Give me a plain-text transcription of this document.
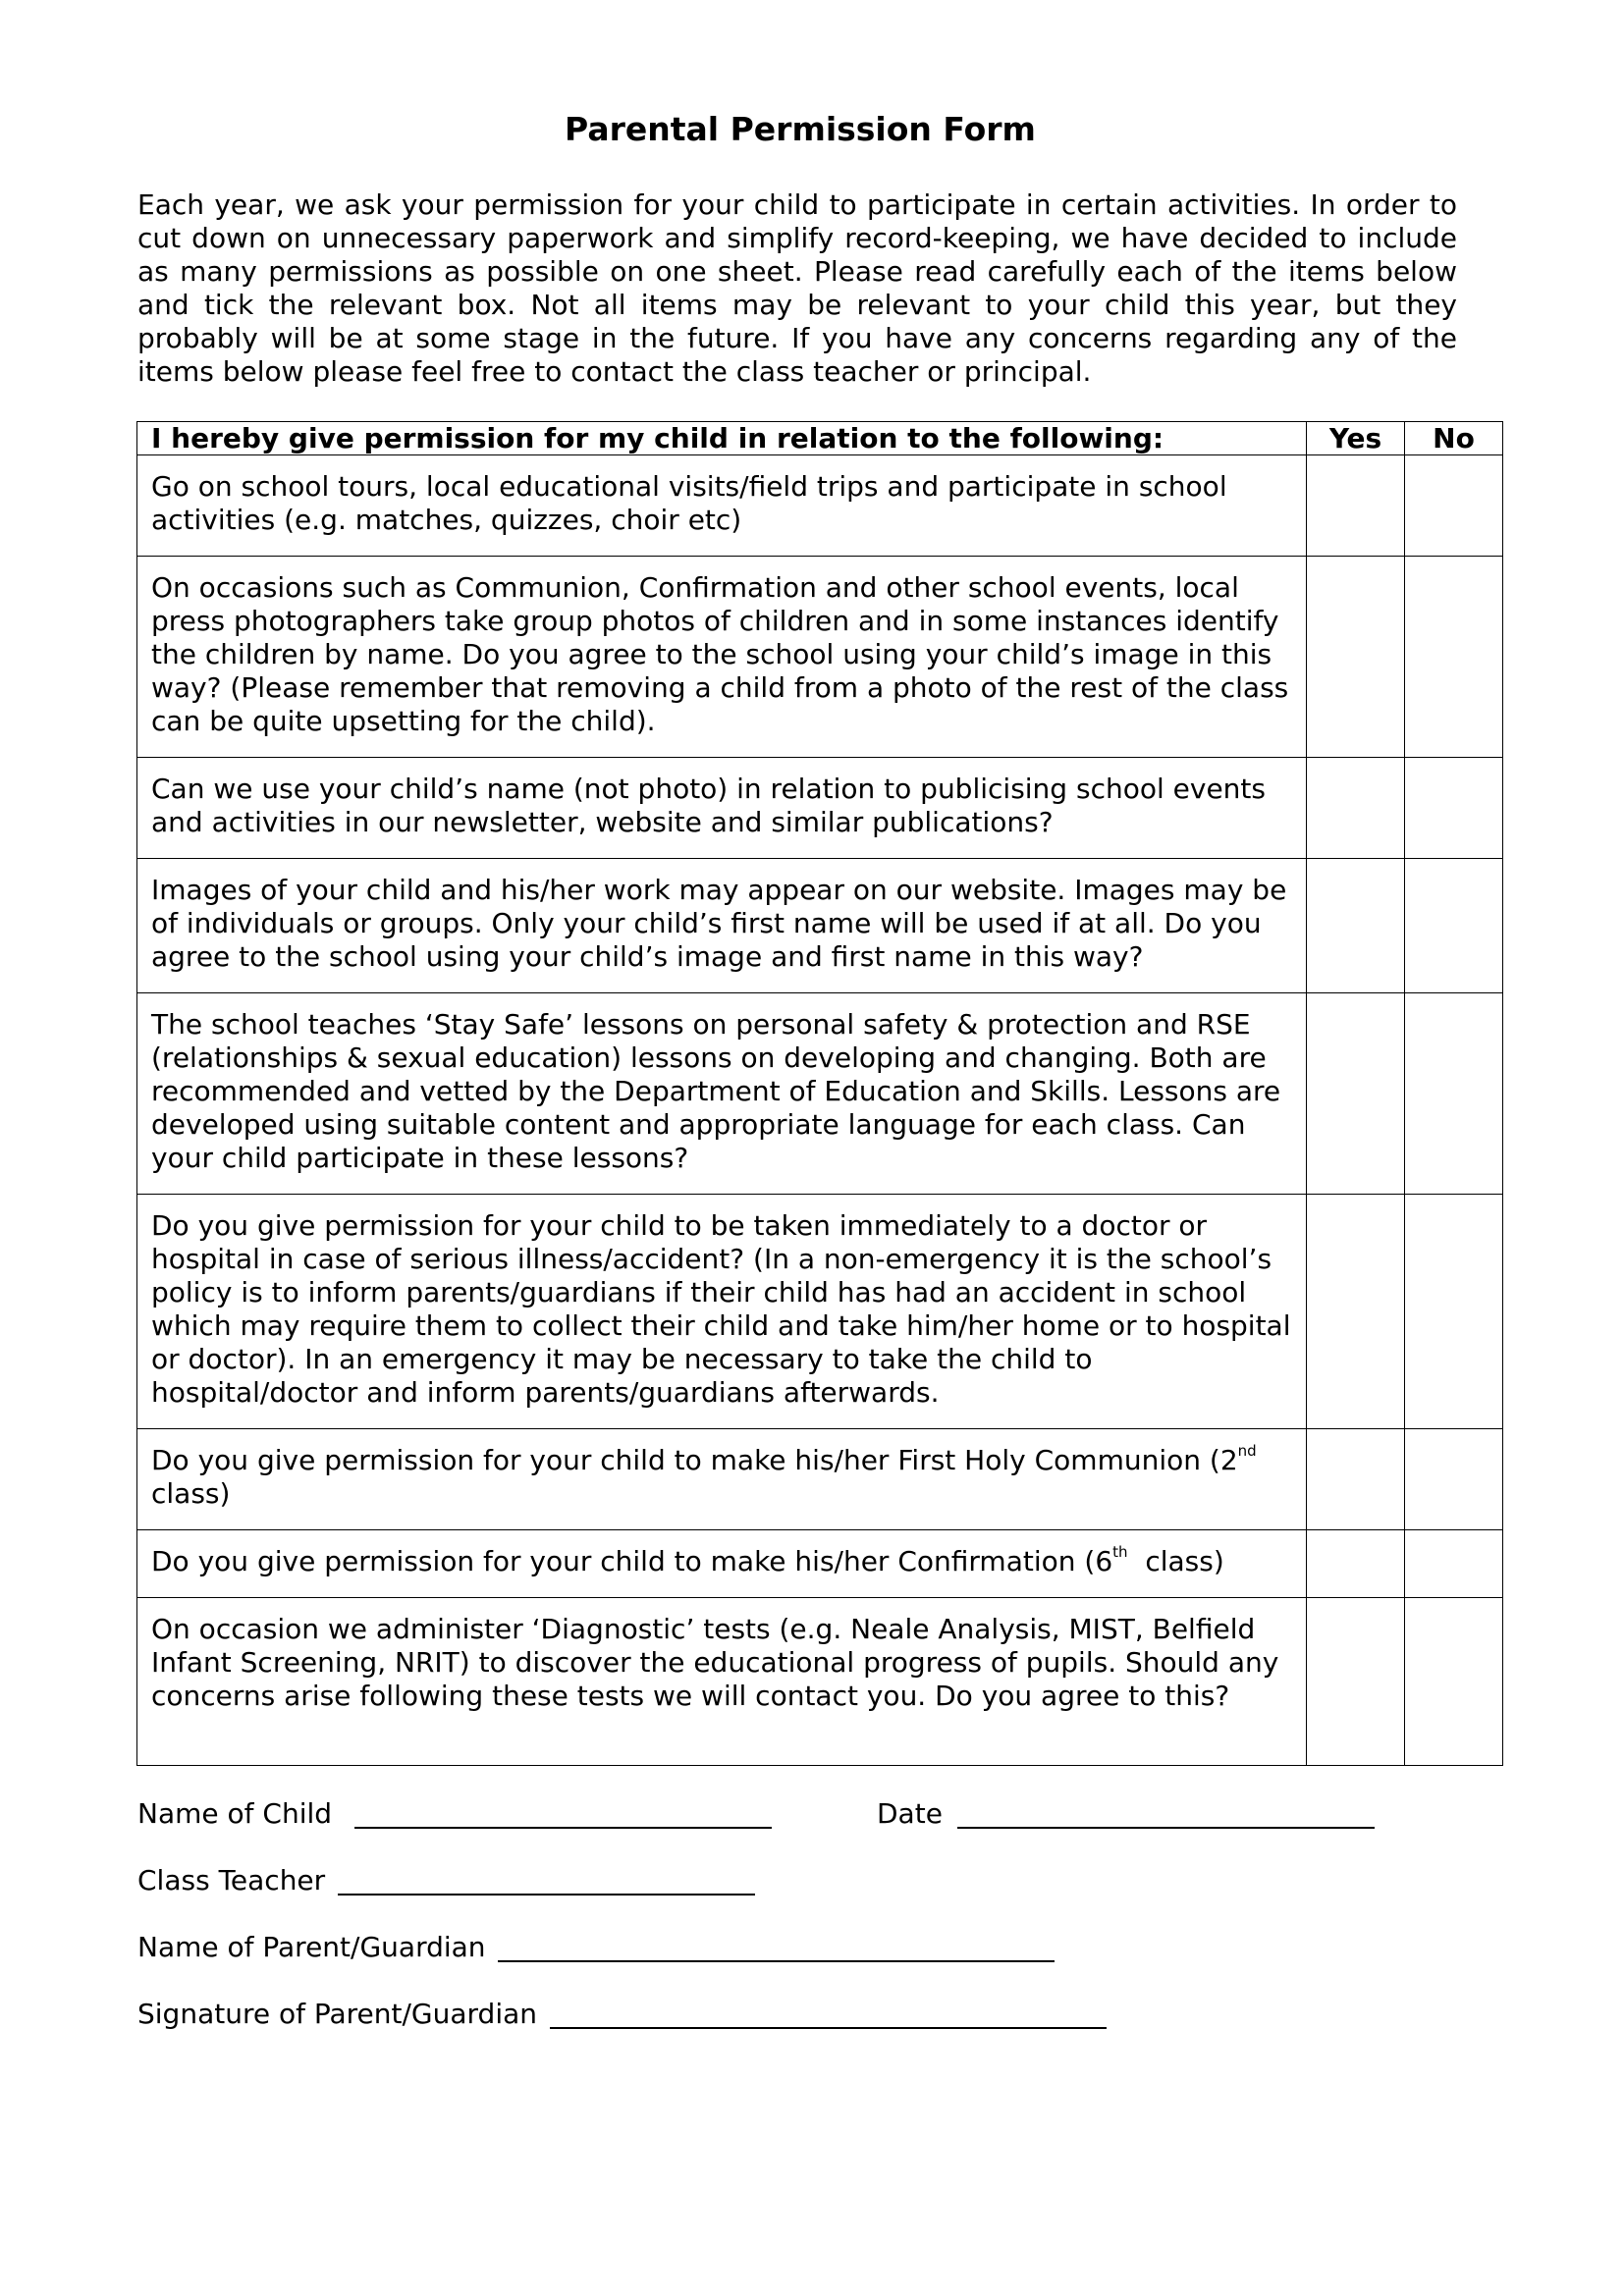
Parental Permission Form

Each year, we ask your permission for your child to participate in certain activities. In order to cut down on unnecessary paperwork and simplify record-keeping, we have decided to include as many permissions as possible on one sheet. Please read carefully each of the items below and tick the relevant box. Not all items may be relevant to your child this year, but they probably will be at some stage in the future. If you have any concerns regarding any of the items below please feel free to contact the class teacher or principal.

I hereby give permission for my child in relation to the following:	Yes	No
Go on school tours, local educational visits/field trips and participate in school activities (e.g. matches, quizzes, choir etc)		
On occasions such as Communion, Confirmation and other school events, local press photographers take group photos of children and in some instances identify the children by name. Do you agree to the school using your child’s image in this way? (Please remember that removing a child from a photo of the rest of the class can be quite upsetting for the child).		
Can we use your child’s name (not photo) in relation to publicising school events and activities in our newsletter, website and similar publications?		
Images of your child and his/her work may appear on our website. Images may be of individuals or groups. Only your child’s first name will be used if at all. Do you agree to the school using your child’s image and first name in this way?		
The school teaches ‘Stay Safe’ lessons on personal safety & protection and RSE (relationships & sexual education) lessons on developing and changing. Both are recommended and vetted by the Department of Education and Skills. Lessons are developed using suitable content and appropriate language for each class. Can your child participate in these lessons?		
Do you give permission for your child to be taken immediately to a doctor or hospital in case of serious illness/accident? (In a non-emergency it is the school’s policy is to inform parents/guardians if their child has had an accident in school which may require them to collect their child and take him/her home or to hospital or doctor). In an emergency it may be necessary to take the child to hospital/doctor and inform parents/guardians afterwards.		
Do you give permission for your child to make his/her First Holy Communion (2nd class)		
Do you give permission for your child to make his/her Confirmation (6th  class)		
On occasion we administer ‘Diagnostic’ tests (e.g. Neale Analysis, MIST, Belfield Infant Screening, NRIT) to discover the educational progress of pupils. Should any concerns arise following these tests we will contact you. Do you agree to this?		
Name of Child	Date
Class Teacher
Name of Parent/Guardian
Signature of Parent/Guardian
